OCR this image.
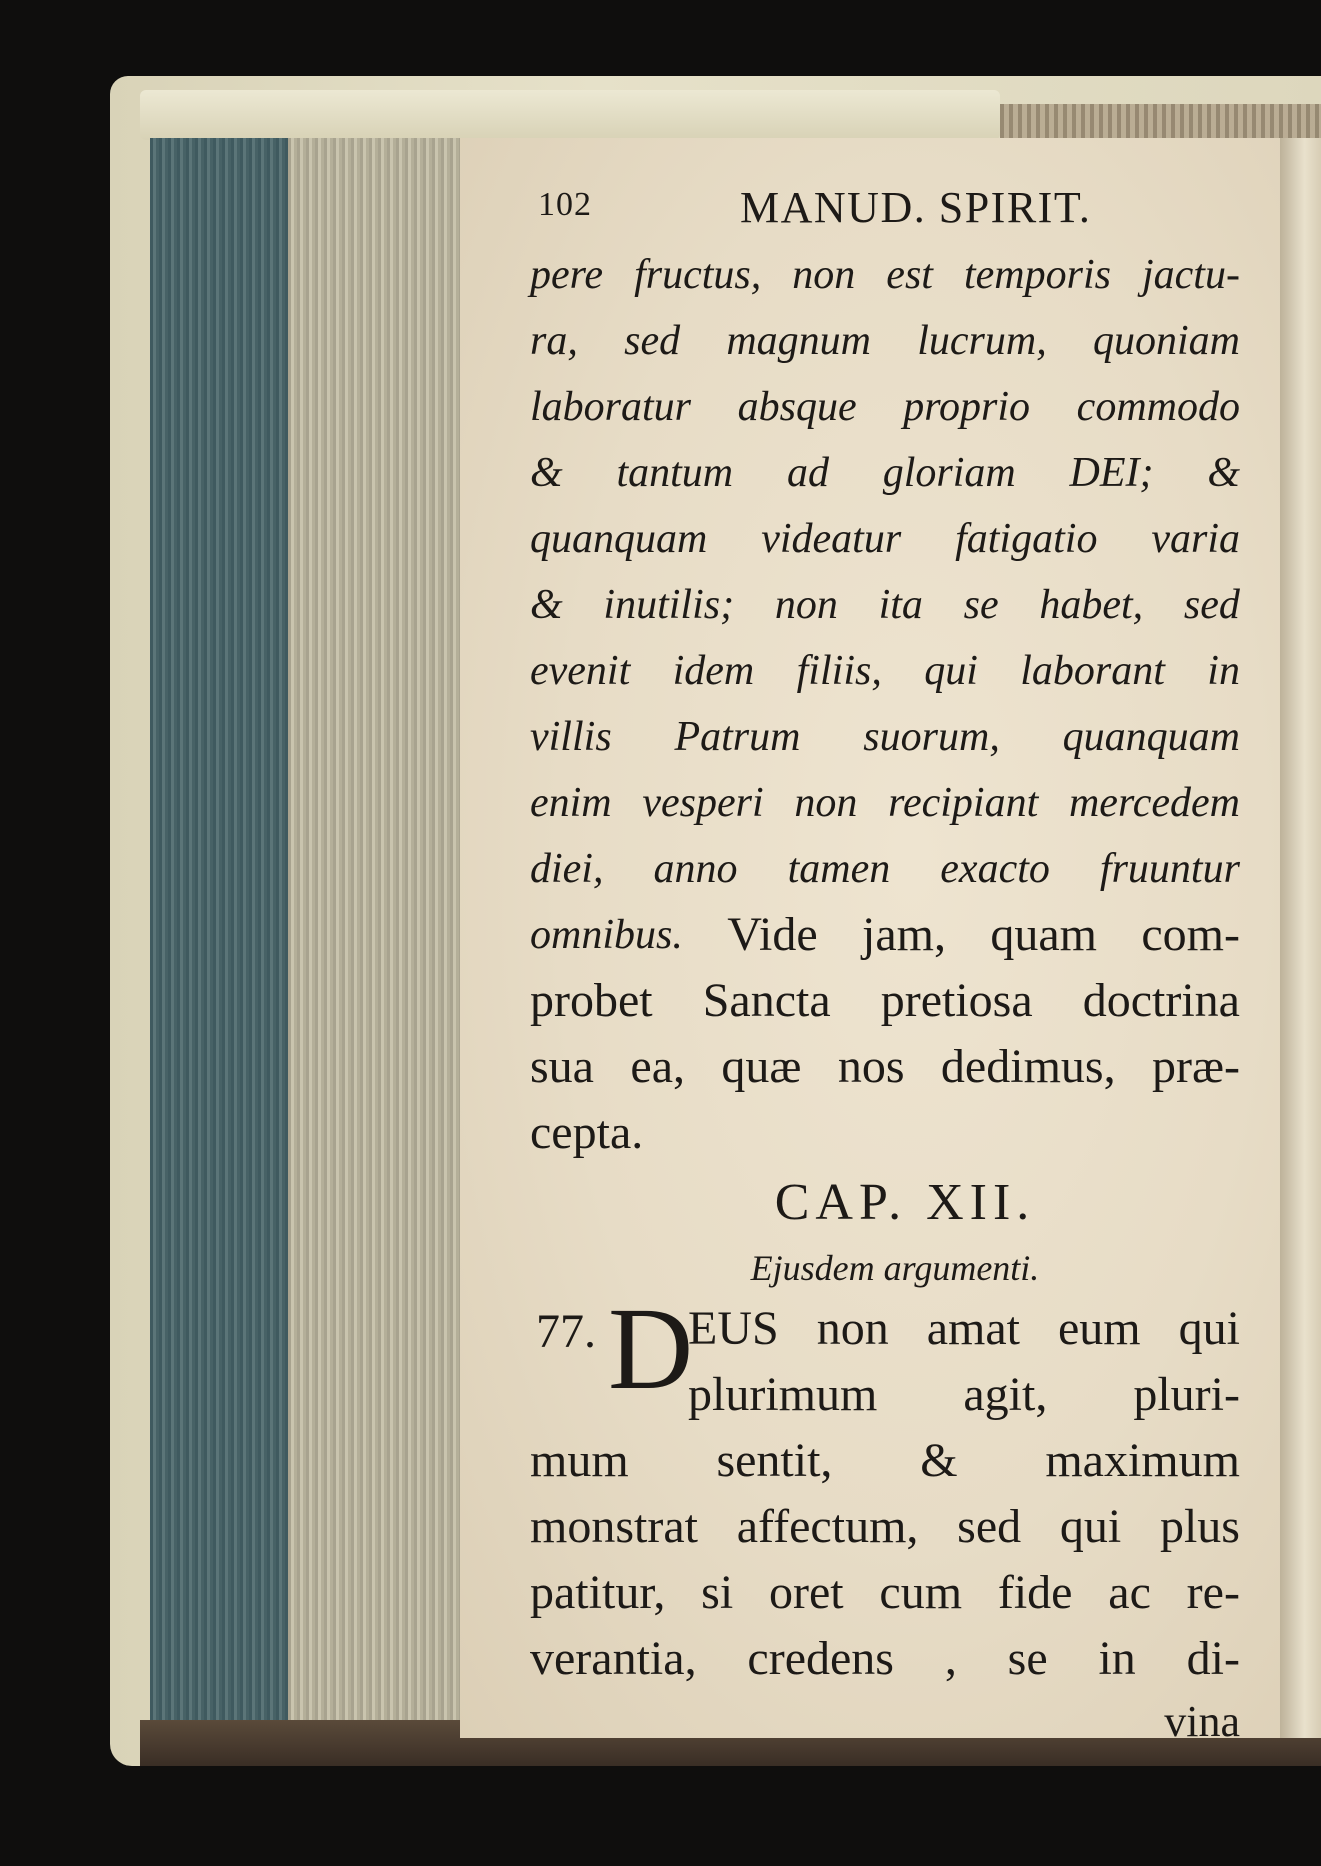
102	MANUD. SPIRIT.
pere fructus, non est temporis jactu-
ra, sed magnum lucrum, quoniam
laboratur absque proprio commodo
& tantum ad gloriam DEI; &
quanquam videatur fatigatio varia
& inutilis; non ita se habet, sed
evenit idem filiis, qui laborant in
villis Patrum suorum, quanquam
enim vesperi non recipiant mercedem
diei, anno tamen exacto fruuntur
omnibus. Vide jam, quam com-
probet Sancta pretiosa doctrina
sua ea, quæ nos dedimus, præ-
cepta.
CAP. XII.
Ejusdem argumenti.
77. D
EUS non amat eum qui
plurimum agit, pluri-
mum sentit, & maximum
monstrat affectum, sed qui plus
patitur, si oret cum fide ac re-
verantia, credens , se in di-
vina
